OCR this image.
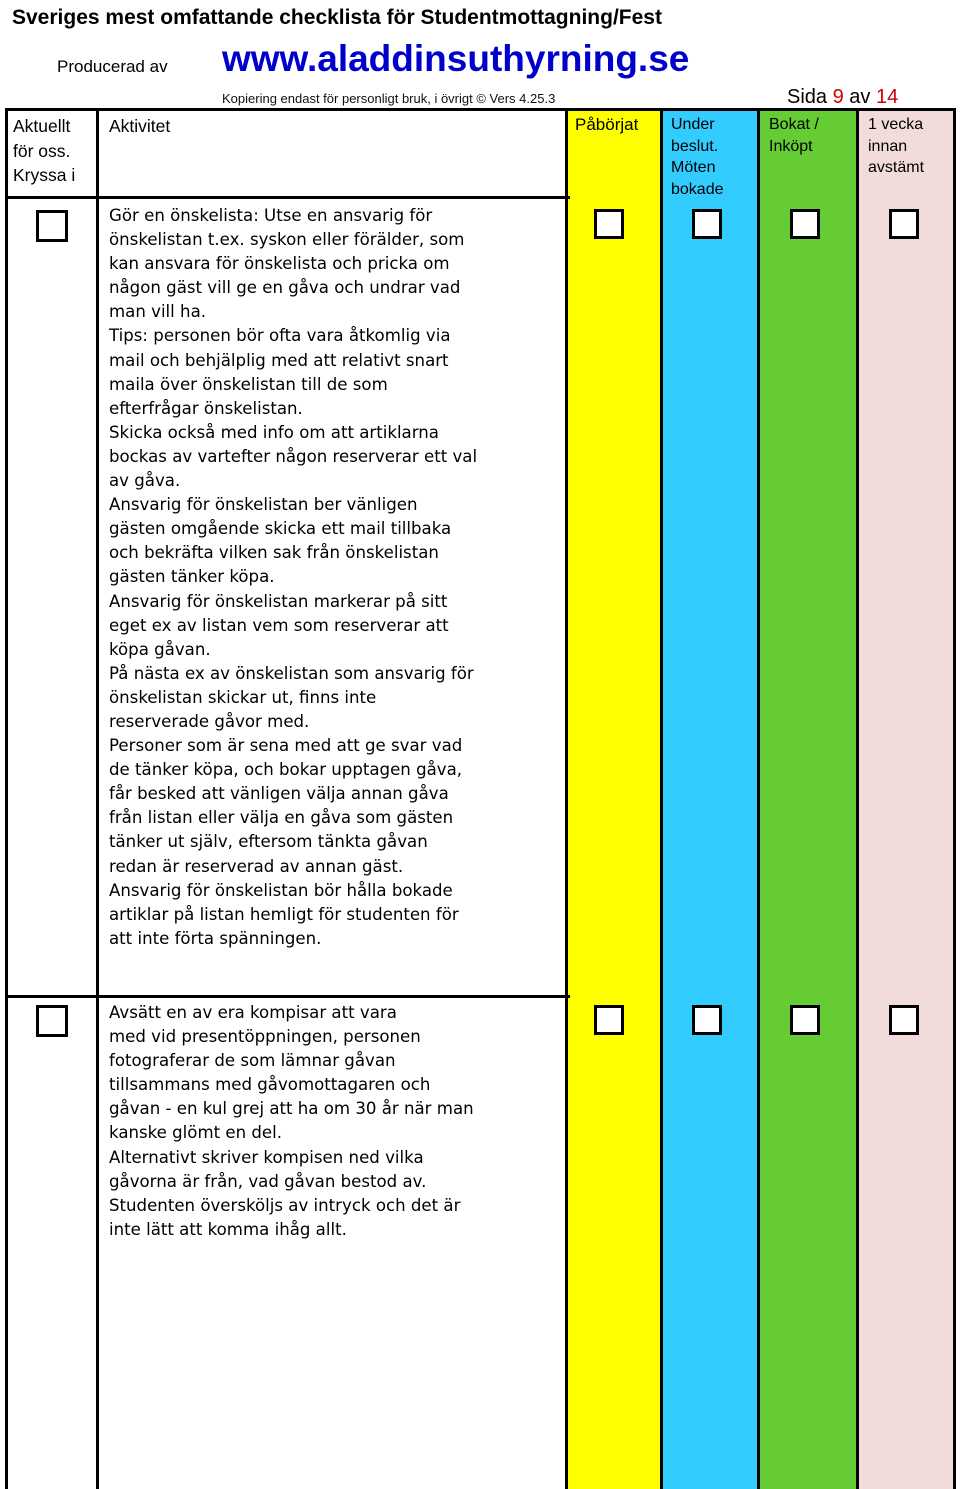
Sveriges mest omfattande checklista för Studentmottagning/Fest
Producerad av www.aladdinsuthyrning.se
Kopiering endast för personligt bruk, i övrigt © Vers 4.25.3	Sida 9 av 14
Aktuellt
för oss.
Kryssa i
Aktivitet	Påbörjat Under
beslut.
Möten
bokade
Bokat /
Inköpt
1 vecka
innan
avstämt

Gör en önskelista: Utse en ansvarig för
önskelistan t.ex. syskon eller förälder, som
kan ansvara för önskelista och pricka om
någon gäst vill ge en gåva och undrar vad
man vill ha.

Tips: personen bör ofta vara åtkomlig via
mail och behjälplig med att relativt snart
maila över önskelistan till de som
efterfrågar önskelistan.

Skicka också med info om att artiklarna
bockas av vartefter någon reserverar ett val
av gåva.

Ansvarig för önskelistan ber vänligen
gästen omgående skicka ett mail tillbaka
och bekräfta vilken sak från önskelistan
gästen tänker köpa.

Ansvarig för önskelistan markerar på sitt
eget ex av listan vem som reserverar att
köpa gåvan.

På nästa ex av önskelistan som ansvarig för
önskelistan skickar ut, finns inte
reserverade gåvor med.

Personer som är sena med att ge svar vad
de tänker köpa, och bokar upptagen gåva,
får besked att vänligen välja annan gåva
från listan eller välja en gåva som gästen
tänker ut själv, eftersom tänkta gåvan
redan är reserverad av annan gäst.

Ansvarig för önskelistan bör hålla bokade
artiklar på listan hemligt för studenten för
att inte förta spänningen.

Avsätt en av era kompisar att vara
med vid presentöppningen, personen
fotograferar de som lämnar gåvan
tillsammans med gåvomottagaren och
gåvan - en kul grej att ha om 30 år när man
kanske glömt en del.

Alternativt skriver kompisen ned vilka
gåvorna är från, vad gåvan bestod av.
Studenten översköljs av intryck och det är
inte lätt att komma ihåg allt.
